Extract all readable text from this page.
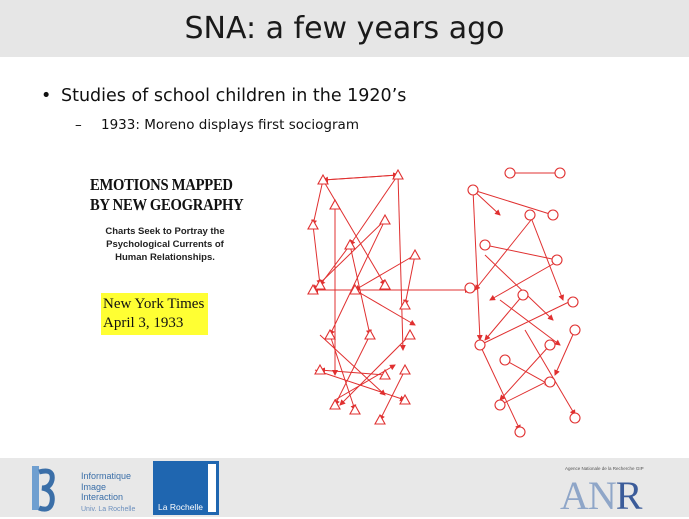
SNA: a few years ago
• Studies of school children in the 1920’s
– 1933: Moreno displays first sociogram
EMOTIONS MAPPED
BY NEW GEOGRAPHY
Charts Seek to Portray the
Psychological Currents of
Human Relationships.
New York Times
April 3, 1933
Informatique
Image
Interaction
Univ. La Rochelle
UNIVERSITÉ
La Rochelle
Agence Nationale de la Recherche GIP
ANR
